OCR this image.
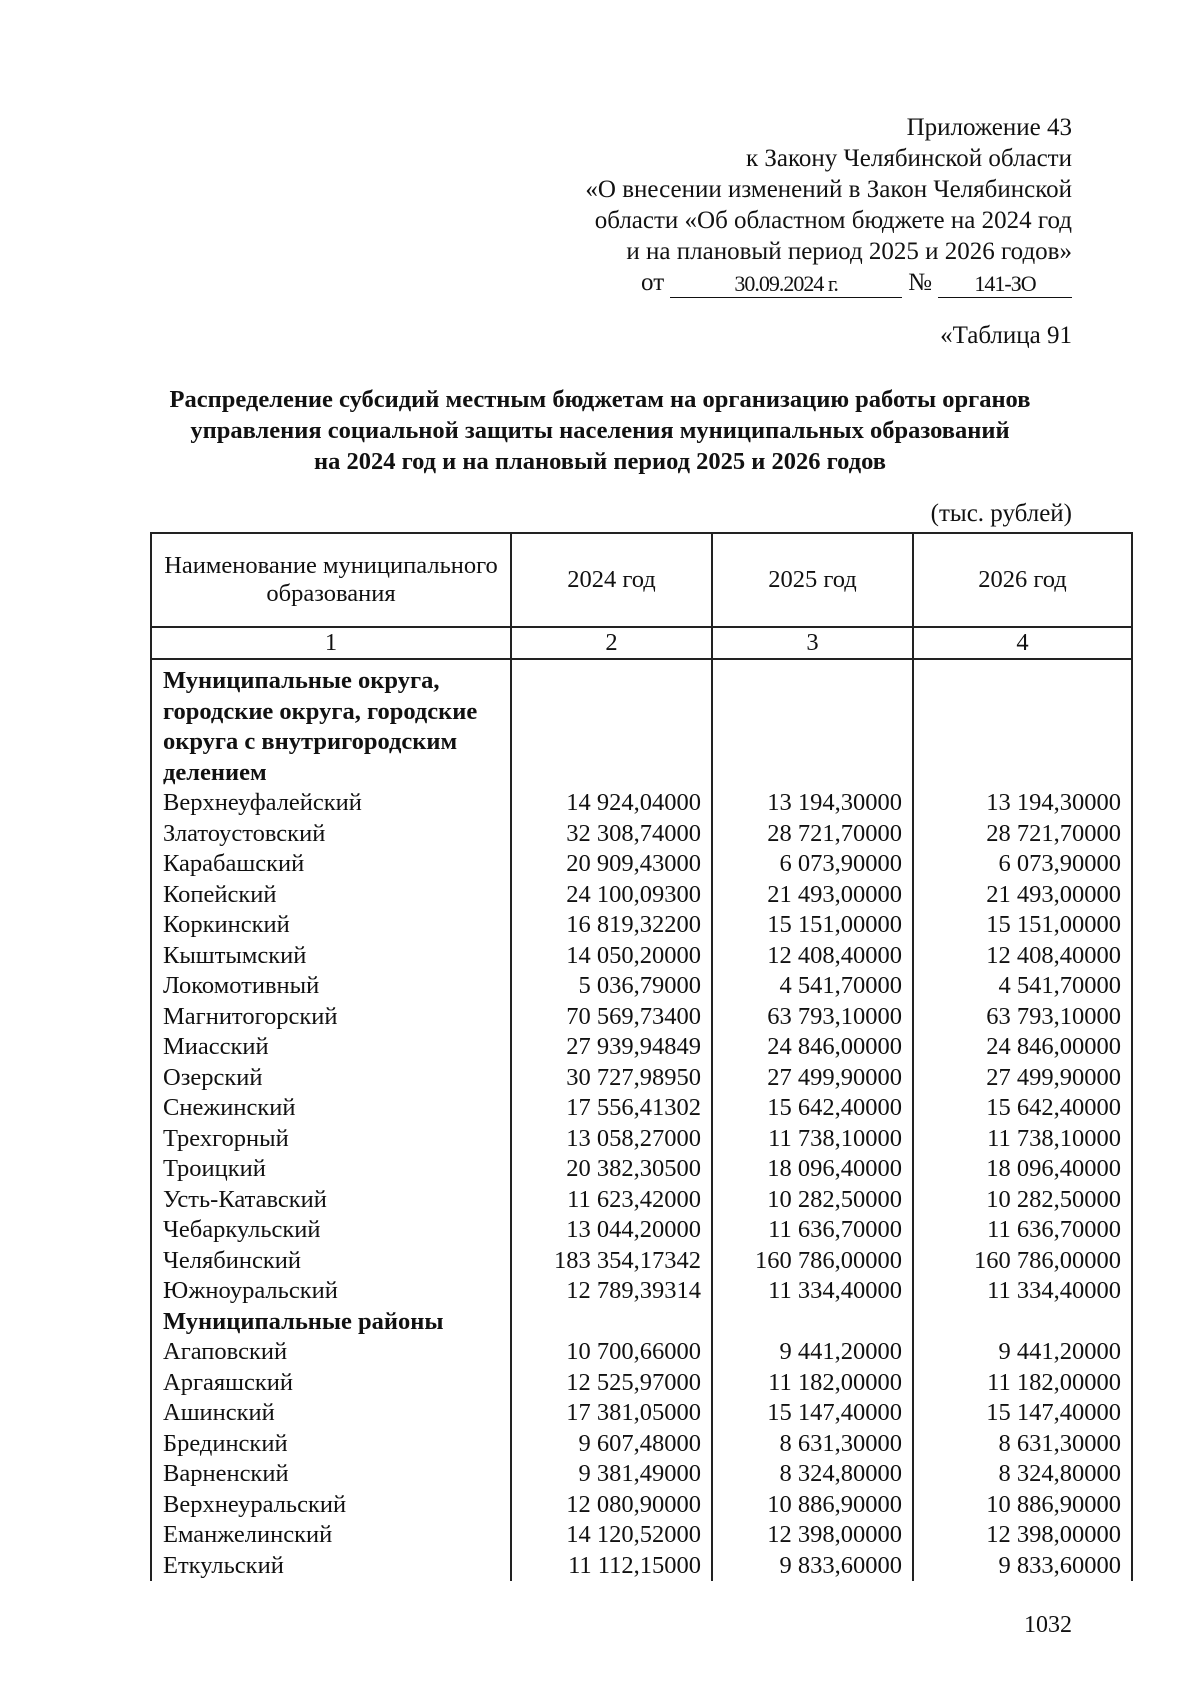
Приложение 43
к Закону Челябинской области
«О внесении изменений в Закон Челябинской
области «Об областном бюджете на 2024 год
и на плановый период 2025 и 2026 годов»
от	30.09.2024 г.	№	141-ЗО
«Таблица 91
Распределение субсидий местным бюджетам на организацию работы органов
управления социальной защиты населения муниципальных образований
на 2024 год и на плановый период 2025 и 2026 годов
(тыс. рублей)
Наименование муниципального образования	2024 год	2025 год	2026 год
1	2	3	4

Муниципальные округа, городские округа, городские округа с внутригородским делением			
Верхнеуфалейский	14 924,04000	13 194,30000	13 194,30000
Златоустовский	32 308,74000	28 721,70000	28 721,70000
Карабашский	20 909,43000	6 073,90000	6 073,90000
Копейский	24 100,09300	21 493,00000	21 493,00000
Коркинский	16 819,32200	15 151,00000	15 151,00000
Кыштымский	14 050,20000	12 408,40000	12 408,40000
Локомотивный	5 036,79000	4 541,70000	4 541,70000
Магнитогорский	70 569,73400	63 793,10000	63 793,10000
Миасский	27 939,94849	24 846,00000	24 846,00000
Озерский	30 727,98950	27 499,90000	27 499,90000
Снежинский	17 556,41302	15 642,40000	15 642,40000
Трехгорный	13 058,27000	11 738,10000	11 738,10000
Троицкий	20 382,30500	18 096,40000	18 096,40000
Усть-Катавский	11 623,42000	10 282,50000	10 282,50000
Чебаркульский	13 044,20000	11 636,70000	11 636,70000
Челябинский	183 354,17342	160 786,00000	160 786,00000
Южноуральский	12 789,39314	11 334,40000	11 334,40000
Муниципальные районы			
Агаповский	10 700,66000	9 441,20000	9 441,20000
Аргаяшский	12 525,97000	11 182,00000	11 182,00000
Ашинский	17 381,05000	15 147,40000	15 147,40000
Брединский	9 607,48000	8 631,30000	8 631,30000
Варненский	9 381,49000	8 324,80000	8 324,80000
Верхнеуральский	12 080,90000	10 886,90000	10 886,90000
Еманжелинский	14 120,52000	12 398,00000	12 398,00000
Еткульский	11 112,15000	9 833,60000	9 833,60000
1032
